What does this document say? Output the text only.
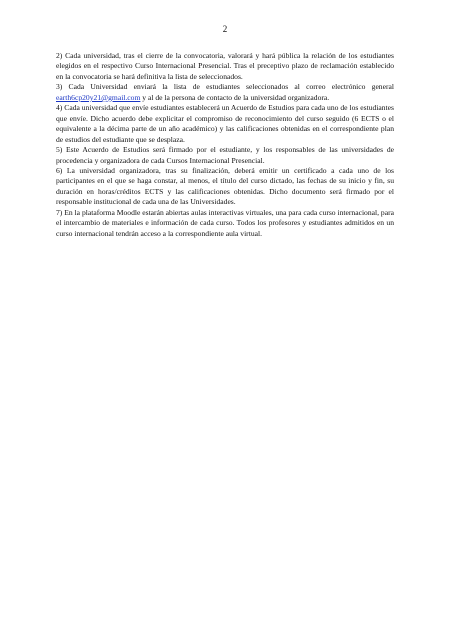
2

2) Cada universidad, tras el cierre de la convocatoria, valorará y hará pública la relación de los estudiantes elegidos en el respectivo Curso Internacional Presencial. Tras el preceptivo plazo de reclamación establecido en la convocatoria se hará definitiva la lista de seleccionados.

3) Cada Universidad enviará la lista de estudiantes seleccionados al correo electrónico general earth6cp20y21@gmail.com y al de la persona de contacto de la universidad organizadora.

4) Cada universidad que envíe estudiantes establecerá un Acuerdo de Estudios para cada uno de los estudiantes que envíe. Dicho acuerdo debe explicitar el compromiso de reconocimiento del curso seguido (6 ECTS o el equivalente a la décima parte de un año académico) y las calificaciones obtenidas en el correspondiente plan de estudios del estudiante que se desplaza.

5) Este Acuerdo de Estudios será firmado por el estudiante, y los responsables de las universidades de procedencia y organizadora de cada Cursos Internacional Presencial.

6) La universidad organizadora, tras su finalización, deberá emitir un certificado a cada uno de los participantes en el que se haga constar, al menos, el título del curso dictado, las fechas de su inicio y fin, su duración en horas/créditos ECTS y las calificaciones obtenidas. Dicho documento será firmado por el responsable institucional de cada una de las Universidades.

7) En la plataforma Moodle estarán abiertas aulas interactivas virtuales, una para cada curso internacional, para el intercambio de materiales e información de cada curso. Todos los profesores y estudiantes admitidos en un curso internacional tendrán acceso a la correspondiente aula virtual.
